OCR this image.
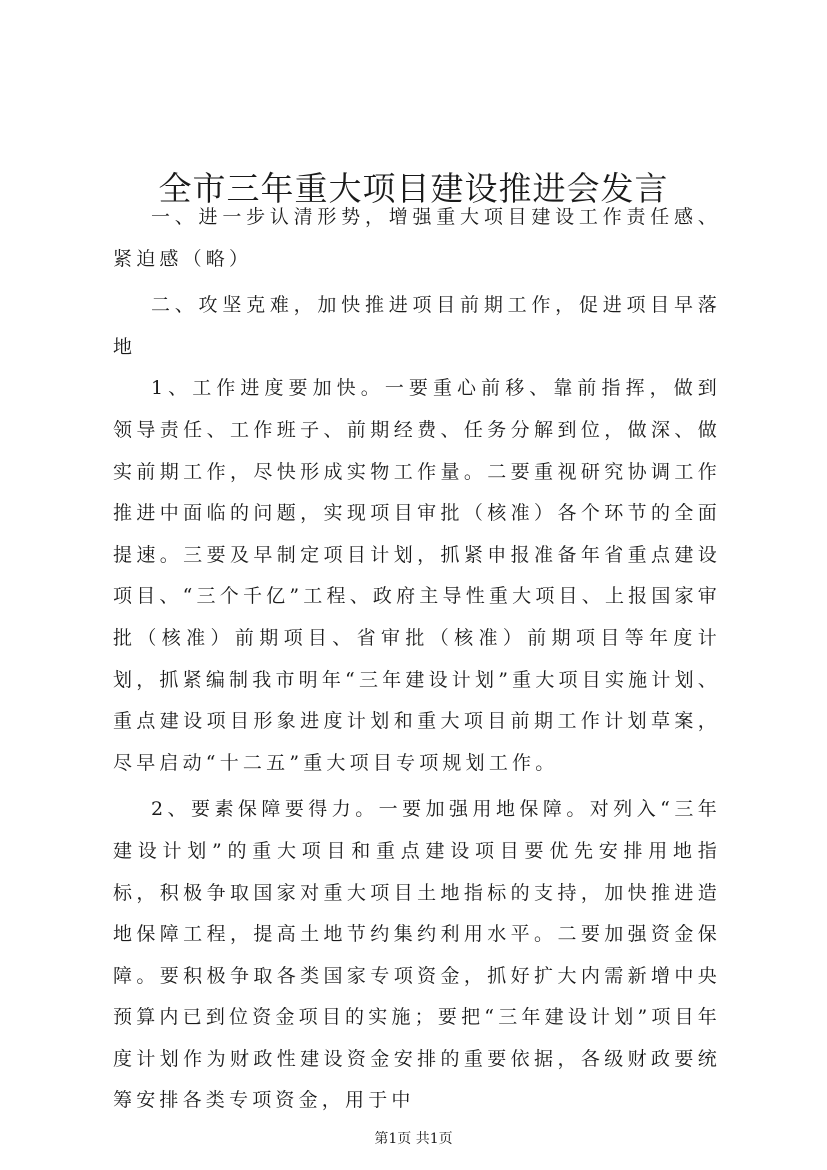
全市三年重大项目建设推进会发言

一、进一步认清形势，增强重大项目建设工作责任感、紧迫感（略）

二、攻坚克难，加快推进项目前期工作，促进项目早落地

1、工作进度要加快。一要重心前移、靠前指挥，做到领导责任、工作班子、前期经费、任务分解到位，做深、做实前期工作，尽快形成实物工作量。二要重视研究协调工作推进中面临的问题，实现项目审批（核准）各个环节的全面提速。三要及早制定项目计划，抓紧申报准备年省重点建设项目、“三个千亿”工程、政府主导性重大项目、上报国家审批（核准）前期项目、省审批（核准）前期项目等年度计划，抓紧编制我市明年“三年建设计划”重大项目实施计划、重点建设项目形象进度计划和重大项目前期工作计划草案，尽早启动“十二五”重大项目专项规划工作。

2、要素保障要得力。一要加强用地保障。对列入“三年建设计划”的重大项目和重点建设项目要优先安排用地指标，积极争取国家对重大项目土地指标的支持，加快推进造地保障工程，提高土地节约集约利用水平。二要加强资金保障。要积极争取各类国家专项资金，抓好扩大内需新增中央预算内已到位资金项目的实施；要把“三年建设计划”项目年度计划作为财政性建设资金安排的重要依据，各级财政要统筹安排各类专项资金，用于中

第1页 共1页
